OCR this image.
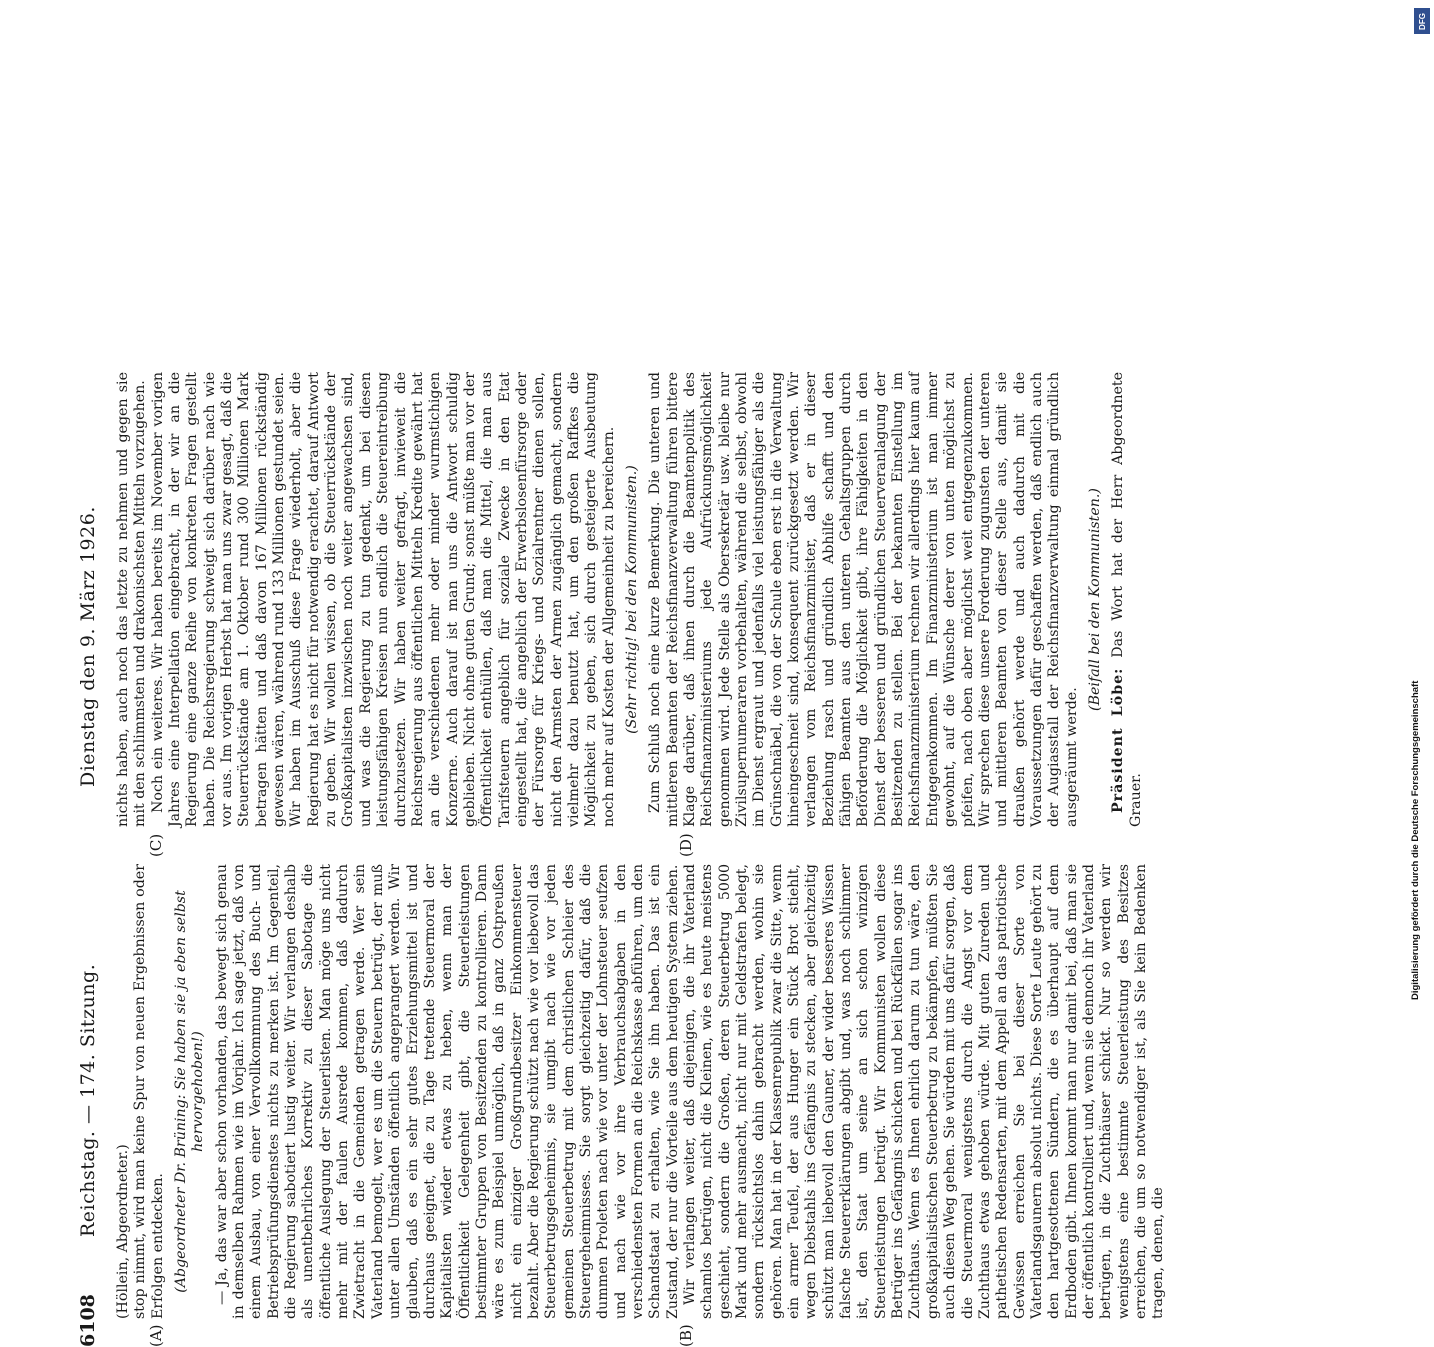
6108
Reichstag. — 174. Sitzung.
Dienstag den 9. März 1926.

(Höllein, Abgeordneter.) stop nimmt, wird man keine Spur von neuen Ergebnissen oder Erfolgen entdecken. (Abgeordneter Dr. Brüning: Sie haben sie ja eben selbst hervorgehoben!) — Ja, das war aber schon vorhanden, das bewegt sich genau in demselben Rahmen wie im Vorjahr. Ich sage jetzt, daß von einem Ausbau, von einer Vervollkommnung des Buch- und Betriebsprüfungsdienstes nichts zu merken ist. Im Gegenteil, die Regierung sabotiert lustig weiter. Wir verlangen deshalb als unentbehrliches Korrektiv zu dieser Sabotage die öffentliche Auslegung der Steuerlisten. Man möge uns nicht mehr mit der faulen Ausrede kommen, daß dadurch Zwietracht in die Gemeinden getragen werde. Wer sein Vaterland bemogelt, wer es um die Steuern betrügt, der muß unter allen Umständen öffentlich angeprangert werden. Wir glauben, daß es ein sehr gutes Erziehungsmittel ist und durchaus geeignet, die zu Tage tretende Steuermoral der Kapitalisten wieder etwas zu heben, wenn man der Öffentlichkeit Gelegenheit gibt, die Steuerleistungen bestimmter Gruppen von Besitzenden zu kontrollieren. Dann wäre es zum Beispiel unmöglich, daß in ganz Ostpreußen nicht ein einziger Großgrundbesitzer Einkommensteuer bezahlt. Aber die Regierung schützt nach wie vor liebevoll das Steuerbetrugsgeheimnis, sie umgibt nach wie vor jeden gemeinen Steuerbetrug mit dem christlichen Schleier des Steuergeheimnisses. Sie sorgt gleichzeitig dafür, daß die dummen Proleten nach wie vor unter der Lohnsteuer seufzen und nach wie vor ihre Verbrauchsabgaben in den verschiedensten Formen an die Reichskasse abführen, um den Schandstaat zu erhalten, wie Sie ihn haben. Das ist ein Zustand, der nur die Vorteile aus dem heutigen System ziehen. Wir verlangen weiter, daß diejenigen, die ihr Vaterland schamlos betrügen, nicht die Kleinen, wie es heute meistens geschieht, sondern die Großen, deren Steuerbetrug 5000 Mark und mehr ausmacht, nicht nur mit Geldstrafen belegt, sondern rücksichtslos dahin gebracht werden, wohin sie gehören. Man hat in der Klassenrepublik zwar die Sitte, wenn ein armer Teufel, der aus Hunger ein Stück Brot stiehlt, wegen Diebstahls ins Gefängnis zu stecken, aber gleichzeitig schützt man liebevoll den Gauner, der wider besseres Wissen falsche Steuererklärungen abgibt und, was noch schlimmer ist, den Staat um seine an sich schon winzigen Steuerleistungen betrügt. Wir Kommunisten wollen diese Betrüger ins Gefängnis schicken und bei Rückfällen sogar ins Zuchthaus. Wenn es Ihnen ehrlich darum zu tun wäre, den großkapitalistischen Steuerbetrug zu bekämpfen, müßten Sie auch diesen Weg gehen. Sie würden mit uns dafür sorgen, daß die Steuermoral wenigstens durch die Angst vor dem Zuchthaus etwas gehoben würde. Mit guten Zureden und pathetischen Redensarten, mit dem Appell an das patriotische Gewissen erreichen Sie bei dieser Sorte von Vaterlandsgaunern absolut nichts. Diese Sorte Leute gehört zu den hartgesottenen Sündern, die es überhaupt auf dem Erdboden gibt. Ihnen kommt man nur damit bei, daß man sie der öffentlich kontrolliert und, wenn sie dennoch ihr Vaterland betrügen, in die Zuchthäuser schickt. Nur so werden wir wenigstens eine bestimmte Steuerleistung des Besitzes erreichen, die um so notwendiger ist, als Sie kein Bedenken tragen, denen, die

nichts haben, auch noch das letzte zu nehmen und gegen sie mit den schlimmsten und drakonischsten Mitteln vorzugehen. Noch ein weiteres. Wir haben bereits im November vorigen Jahres eine Interpellation eingebracht, in der wir an die Regierung eine ganze Reihe von konkreten Fragen gestellt haben. Die Reichsregierung schweigt sich darüber nach wie vor aus. Im vorigen Herbst hat man uns zwar gesagt, daß die Steuerrückstände am 1. Oktober rund 300 Millionen Mark betragen hätten und daß davon 167 Millionen rückständig gewesen wären, während rund 133 Millionen gestundet seien. Wir haben im Ausschuß diese Frage wiederholt, aber die Regierung hat es nicht für notwendig erachtet, darauf Antwort zu geben. Wir wollen wissen, ob die Steuerrückstände der Großkapitalisten inzwischen noch weiter angewachsen sind, und was die Regierung zu tun gedenkt, um bei diesen leistungsfähigen Kreisen nun endlich die Steuereintreibung durchzusetzen. Wir haben weiter gefragt, inwieweit die Reichsregierung aus öffentlichen Mitteln Kredite gewährt hat an die verschiedenen mehr oder minder wurmstichigen Konzerne. Auch darauf ist man uns die Antwort schuldig geblieben. Nicht ohne guten Grund; sonst müßte man vor der Öffentlichkeit enthüllen, daß man die Mittel, die man aus Tarifsteuern angeblich für soziale Zwecke in den Etat eingestellt hat, die angeblich der Erwerbslosenfürsorge oder der Fürsorge für Kriegs- und Sozialrentner dienen sollen, nicht den Armsten der Armen zugänglich gemacht, sondern vielmehr dazu benutzt hat, um den großen Raffkes die Möglichkeit zu geben, sich durch gesteigerte Ausbeutung noch mehr auf Kosten der Allgemeinheit zu bereichern. (Sehr richtig! bei den Kommunisten.) Zum Schluß noch eine kurze Bemerkung. Die unteren und mittleren Beamten der Reichsfinanzverwaltung führen bittere Klage darüber, daß ihnen durch die Beamtenpolitik des Reichsfinanzministeriums jede Aufrückungsmöglichkeit genommen wird. Jede Stelle als Obersekretär usw. bleibe nur Zivilsupernumeraren vorbehalten, während die selbst, obwohl im Dienst ergraut und jedenfalls viel leistungsfähiger als die Grünschnäbel, die von der Schule eben erst in die Verwaltung hineingeschneit sind, konsequent zurückgesetzt werden. Wir verlangen vom Reichsfinanzminister, daß er in dieser Beziehung rasch und gründlich Abhilfe schafft und den fähigen Beamten aus den unteren Gehaltsgruppen durch Beförderung die Möglichkeit gibt, ihre Fähigkeiten in den Dienst der besseren und gründlichen Steuerveranlagung der Besitzenden zu stellen. Bei der bekannten Einstellung im Reichsfinanzministerium rechnen wir allerdings hier kaum auf Entgegenkommen. Im Finanzministerium ist man immer gewohnt, auf die Wünsche derer von unten möglichst zu pfeifen, nach oben aber möglichst weit entgegenzukommen. Wir sprechen diese unsere Forderung zugunsten der unteren und mittleren Beamten von dieser Stelle aus, damit sie draußen gehört werde und auch dadurch mit die Voraussetzungen dafür geschaffen werden, daß endlich auch der Augiasstall der Reichsfinanzverwaltung einmal gründlich ausgeräumt werde.

(Beifall bei den Kommunisten.)

Präsident Löbe: Das Wort hat der Herr Abgeordnete Grauer.

(A)	(B)
(C)	(D)	Digitalisierung gefördert durch die Deutsche Forschungsgemeinschaft
DFG
